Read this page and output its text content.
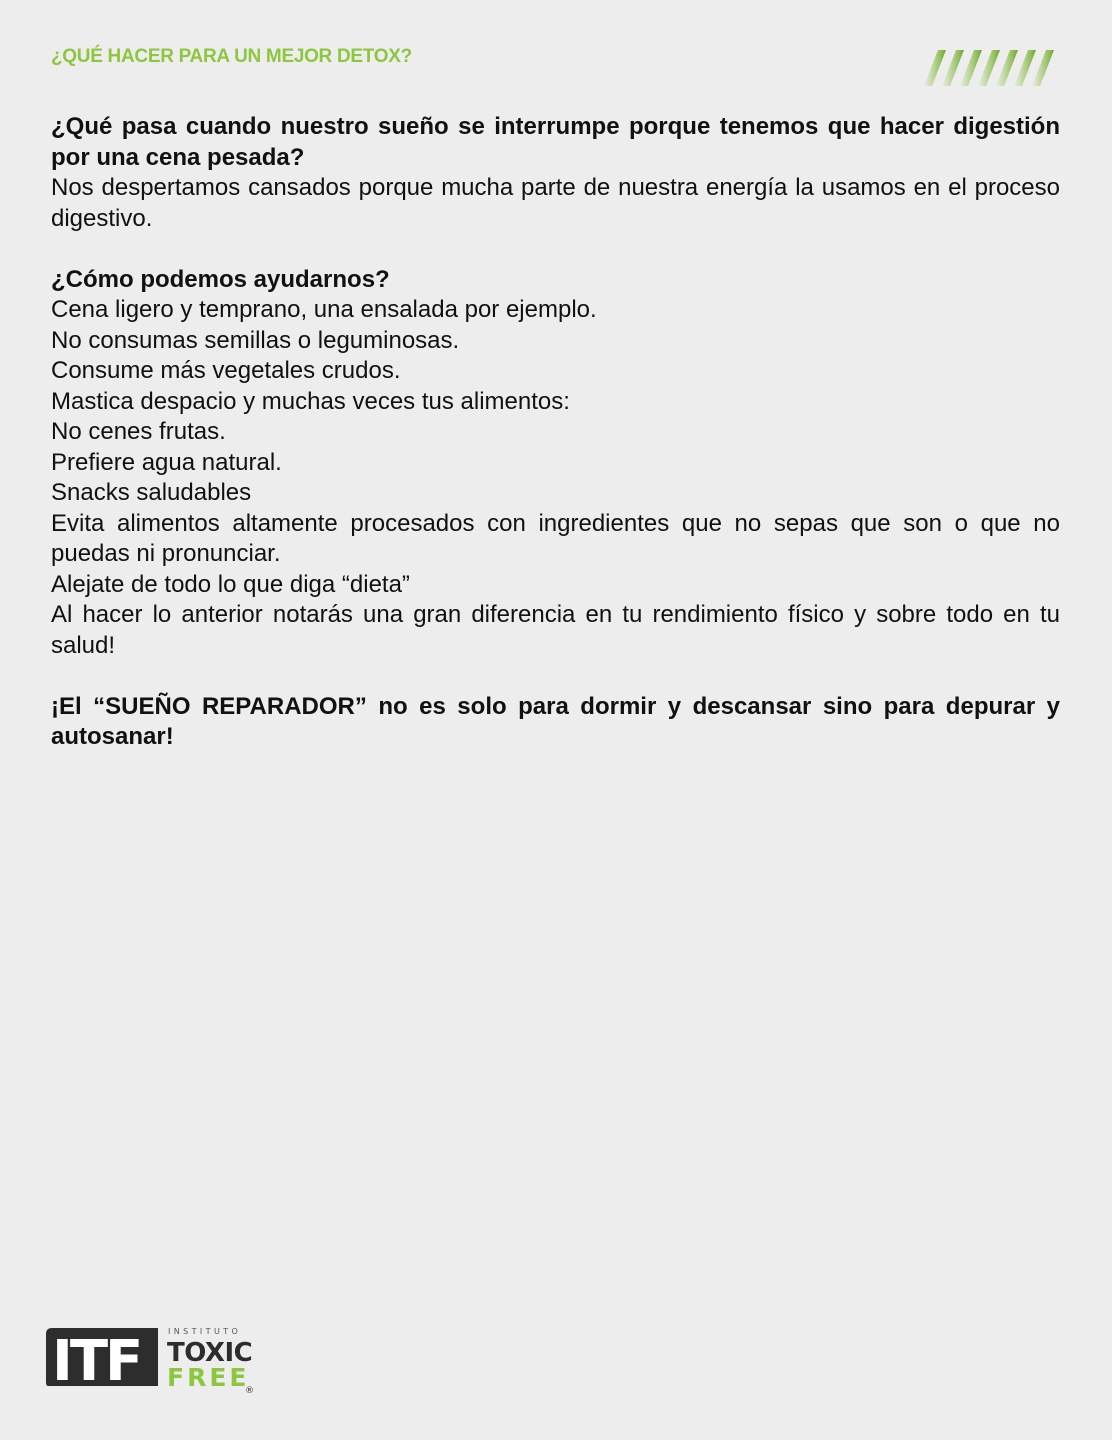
¿QUÉ HACER PARA UN MEJOR DETOX?

¿Qué pasa cuando nuestro sueño se interrumpe porque tenemos que hacer digestión por una cena pesada?

Nos despertamos cansados porque mucha parte de nuestra energía la usamos en el proceso digestivo.

¿Cómo podemos ayudarnos?

Cena ligero y temprano, una ensalada por ejemplo.

No consumas semillas o leguminosas.

Consume más vegetales crudos.

Mastica despacio y muchas veces tus alimentos:

No cenes frutas.

Prefiere agua natural.

Snacks saludables

Evita alimentos altamente procesados con ingredientes que no sepas que son o que no puedas ni pronunciar.

Alejate de todo lo que diga “dieta”

Al hacer lo anterior notarás una gran diferencia en tu rendimiento físico y sobre todo en tu salud!

¡El “SUEÑO REPARADOR” no es solo para dormir y descansar sino para depurar y autosanar!

ITF	INSTITUTO
TOXIC
FREE
®
